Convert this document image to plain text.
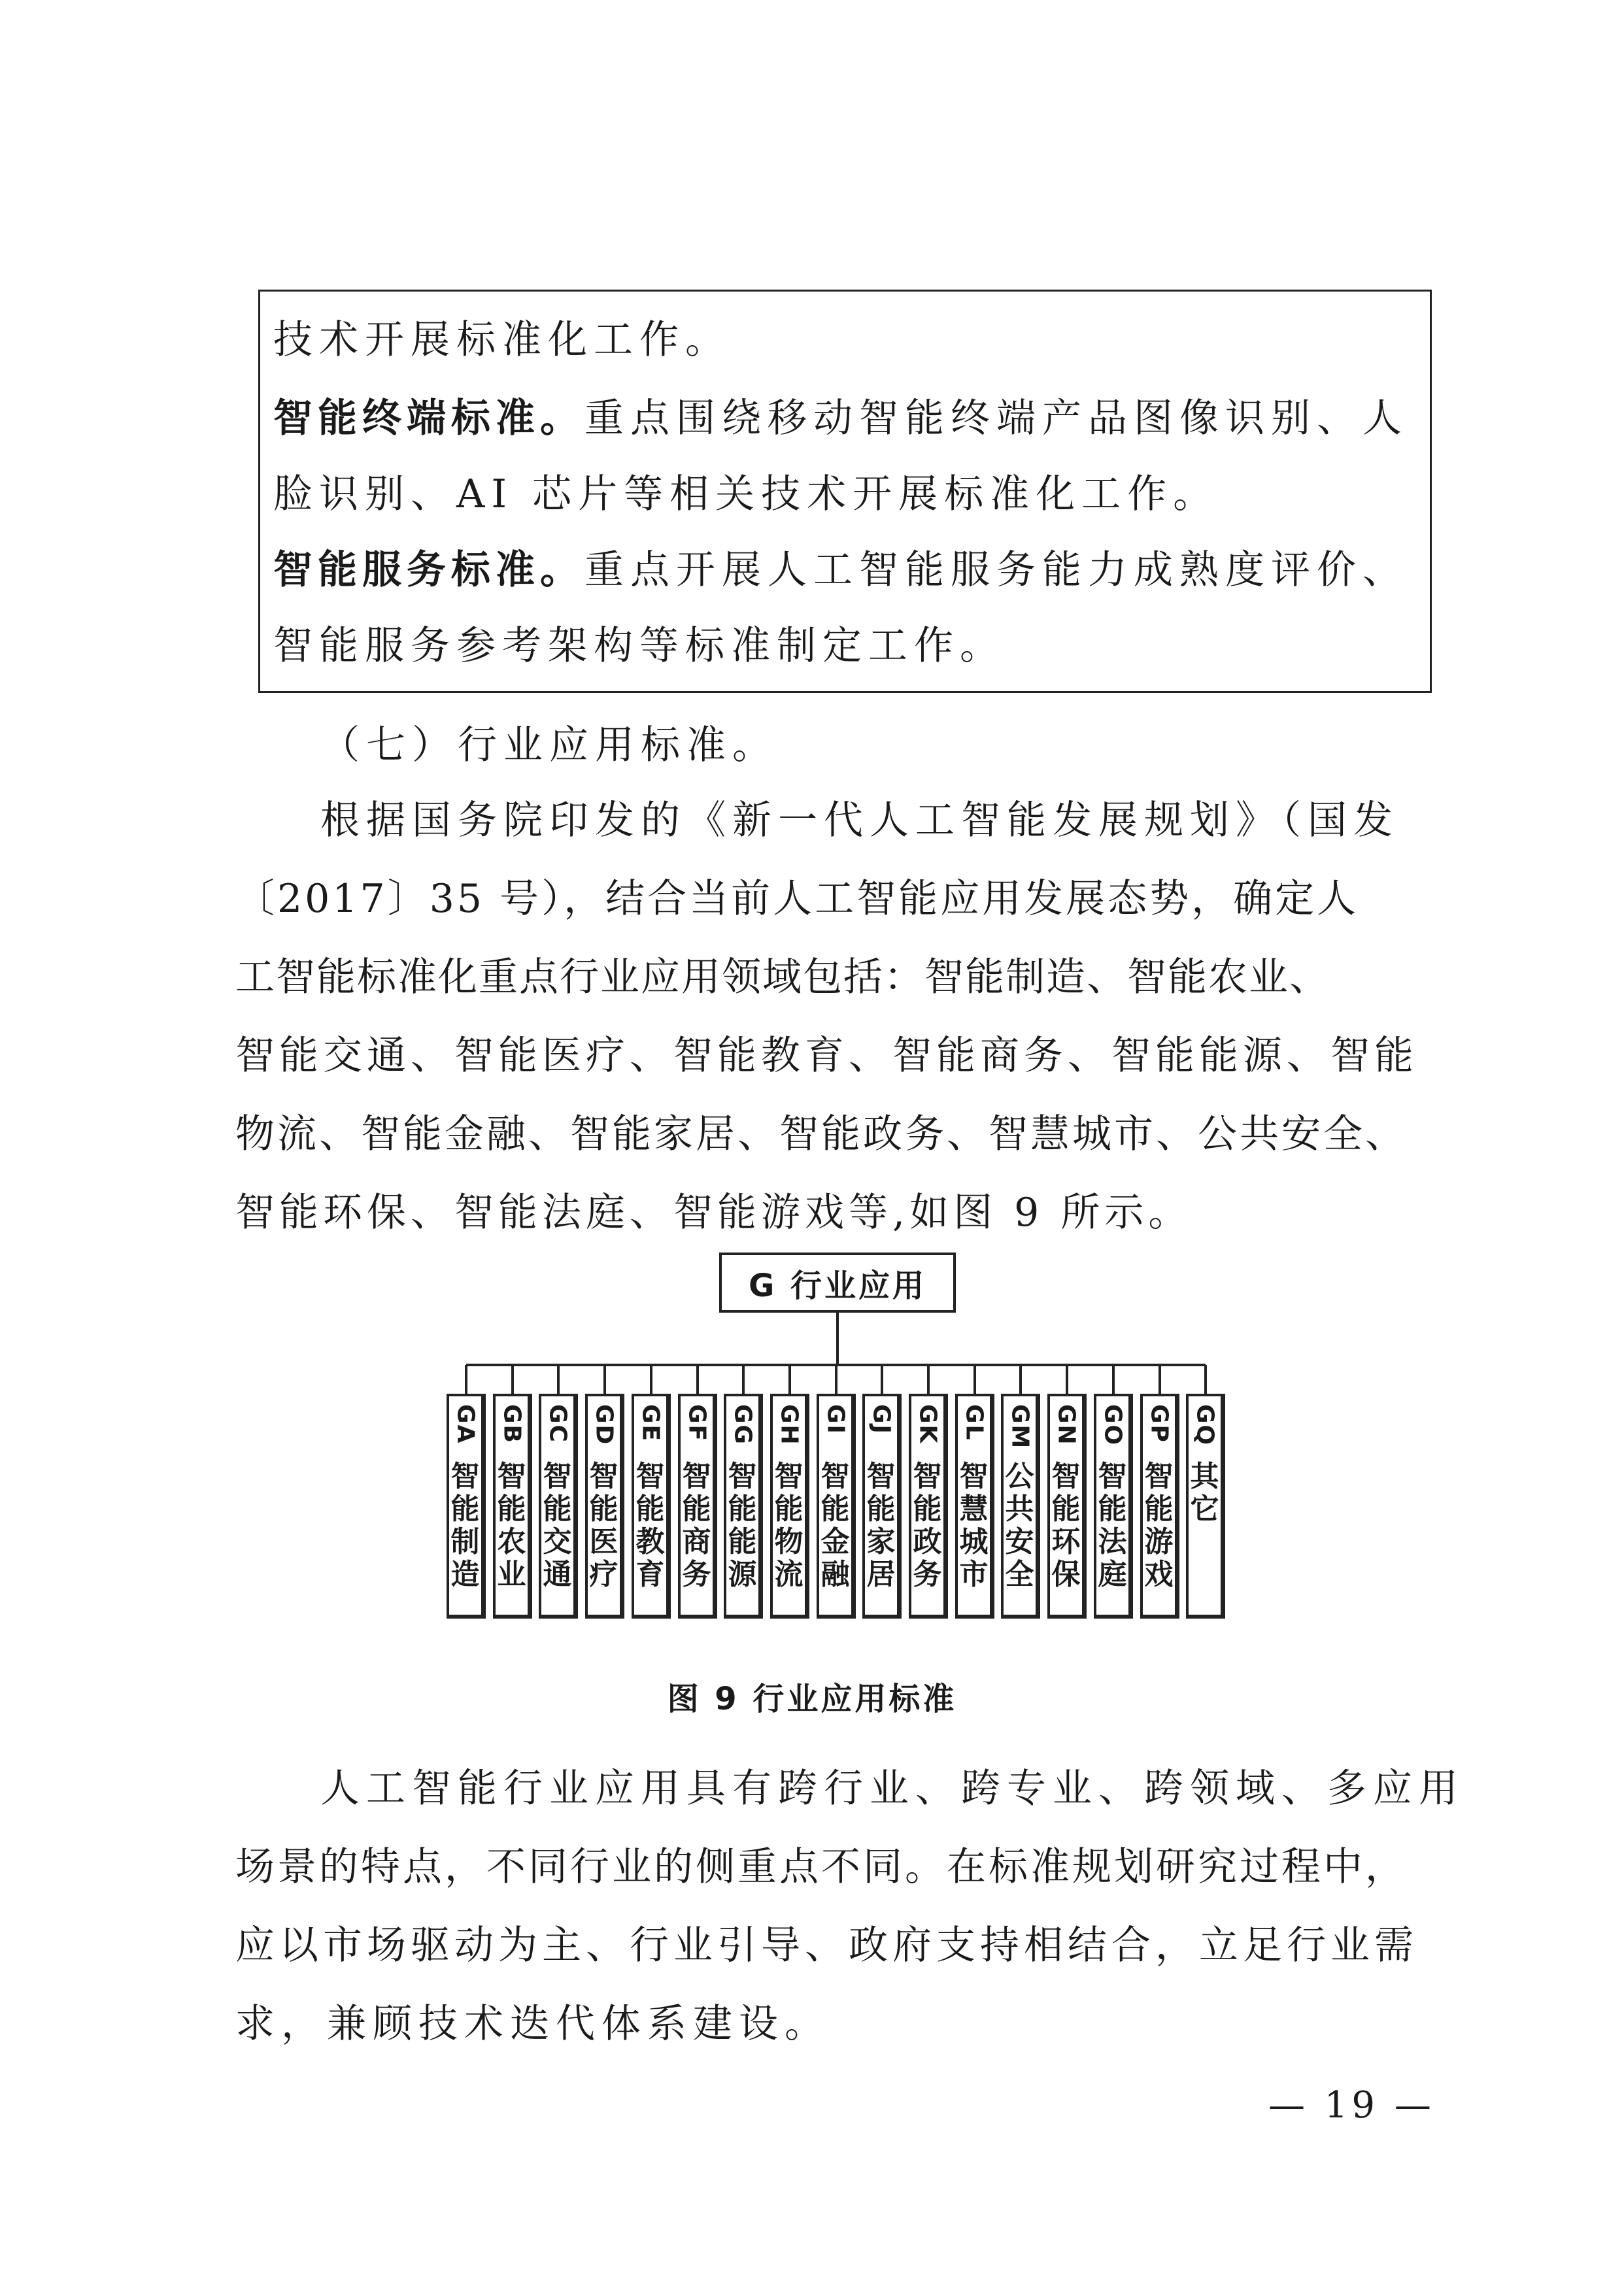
技术开展标准化工作。

智能终端标准。重点围绕移动智能终端产品图像识别、人

脸识别、AI 芯片等相关技术开展标准化工作。

智能服务标准。重点开展人工智能服务能力成熟度评价、

智能服务参考架构等标准制定工作。

（七）行业应用标准。

根据国务院印发的《新一代人工智能发展规划》（国发
〔2017〕35 号），结合当前人工智能应用发展态势，确定人
工智能标准化重点行业应用领域包括：智能制造、智能农业、
智能交通、智能医疗、智能教育、智能商务、智能能源、智能
物流、智能金融、智能家居、智能政务、智慧城市、公共安全、
智能环保、智能法庭、智能游戏等,如图 9 所示。
G 行业应用
GA
智能制造
GB
智能农业
GC
智能交通
GD
智能医疗
GE
智能教育
GF
智能商务
GG
智能能源
GH
智能物流
GI
智能金融
GJ
智能家居
GK
智能政务
GL
智慧城市
GM
公共安全
GN
智能环保
GO
智能法庭
GP
智能游戏
GQ
其它
图 9 行业应用标准
人工智能行业应用具有跨行业、跨专业、跨领域、多应用
场景的特点，不同行业的侧重点不同。在标准规划研究过程中，
应以市场驱动为主、行业引导、政府支持相结合，立足行业需
求，兼顾技术迭代体系建设。
— 19 —
